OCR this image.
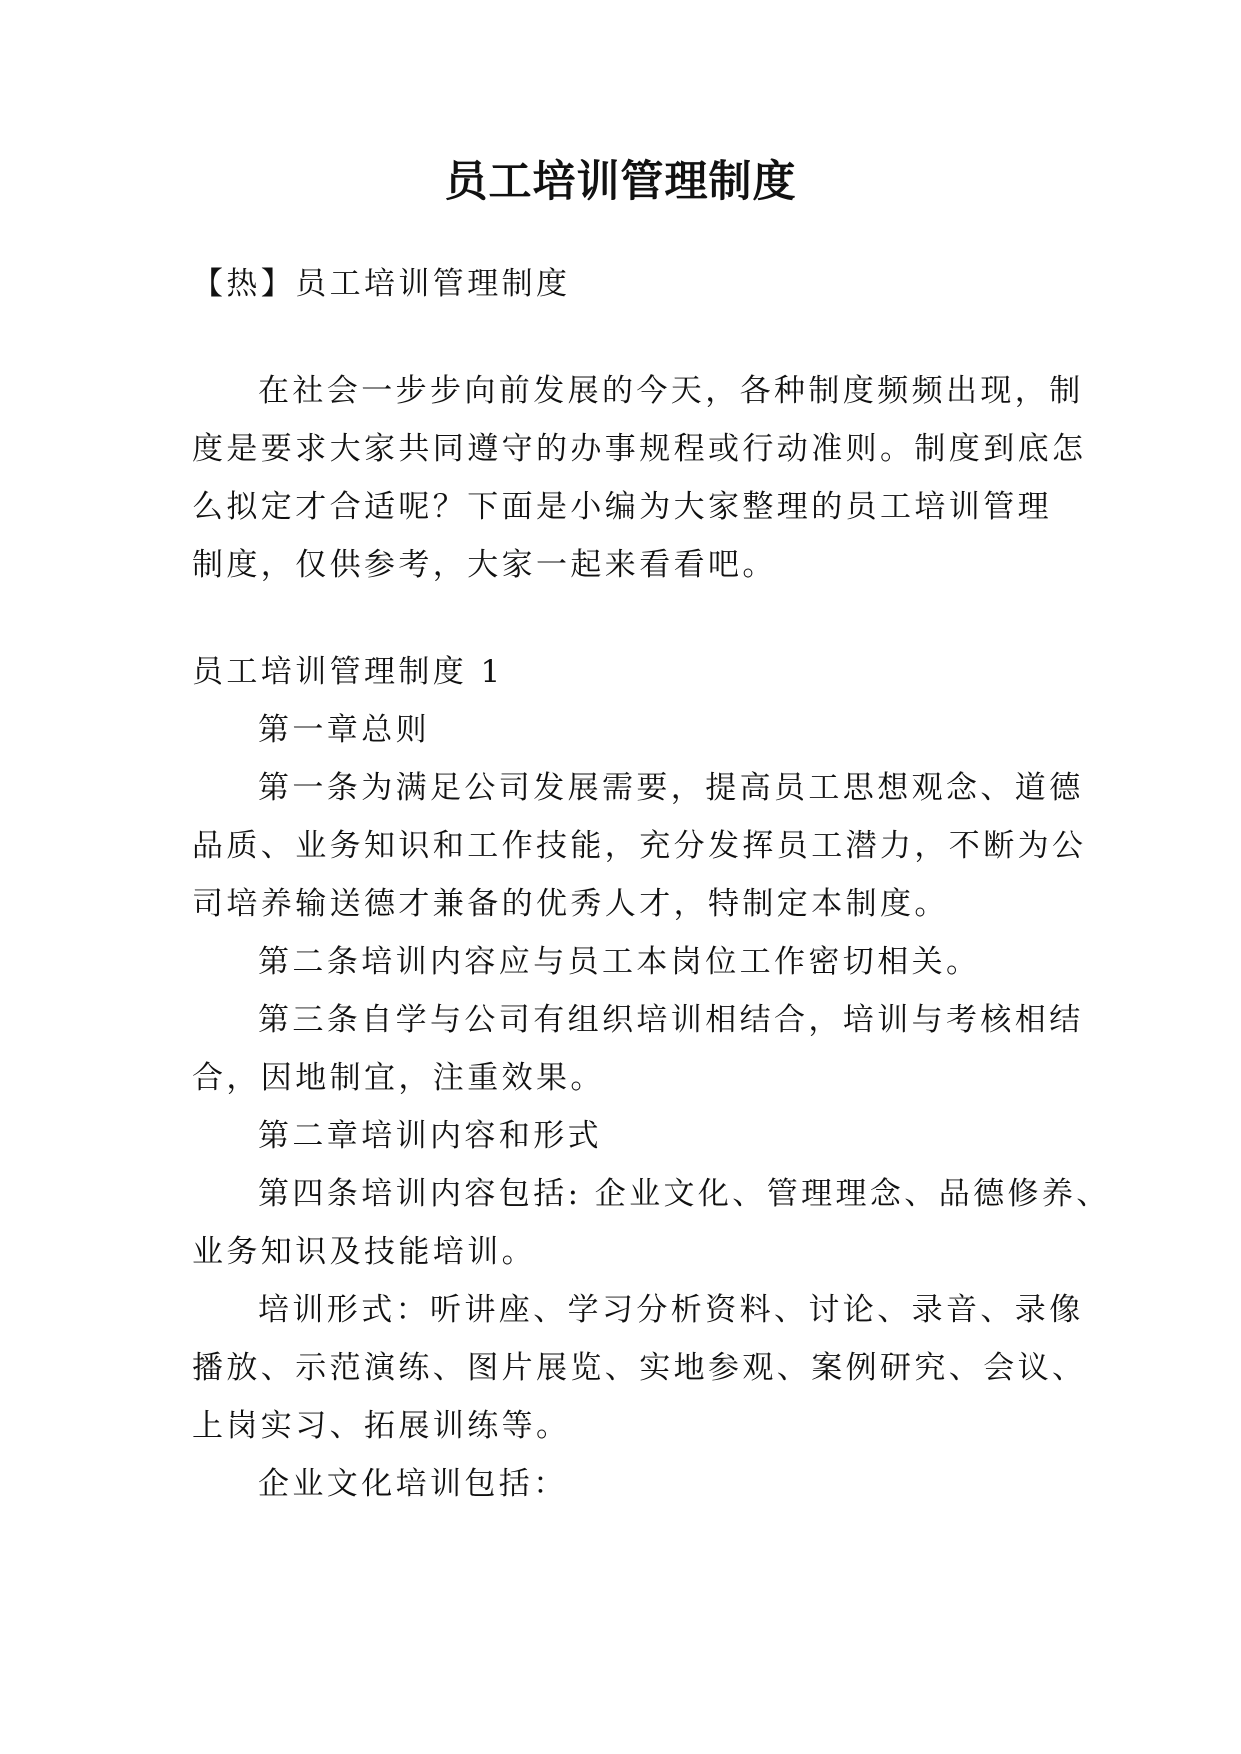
员工培训管理制度
【热】员工培训管理制度
在社会一步步向前发展的今天，各种制度频频出现，制
度是要求大家共同遵守的办事规程或行动准则。制度到底怎
么拟定才合适呢？下面是小编为大家整理的员工培训管理
制度，仅供参考，大家一起来看看吧。
员工培训管理制度 1
第一章总则
第一条为满足公司发展需要，提高员工思想观念、道德
品质、业务知识和工作技能，充分发挥员工潜力，不断为公
司培养输送德才兼备的优秀人才，特制定本制度。
第二条培训内容应与员工本岗位工作密切相关。
第三条自学与公司有组织培训相结合，培训与考核相结
合，因地制宜，注重效果。
第二章培训内容和形式
第四条培训内容包括: 企业文化、管理理念、品德修养、
业务知识及技能培训。
培训形式：听讲座、学习分析资料、讨论、录音、录像
播放、示范演练、图片展览、实地参观、案例研究、会议、
上岗实习、拓展训练等。
企业文化培训包括：
